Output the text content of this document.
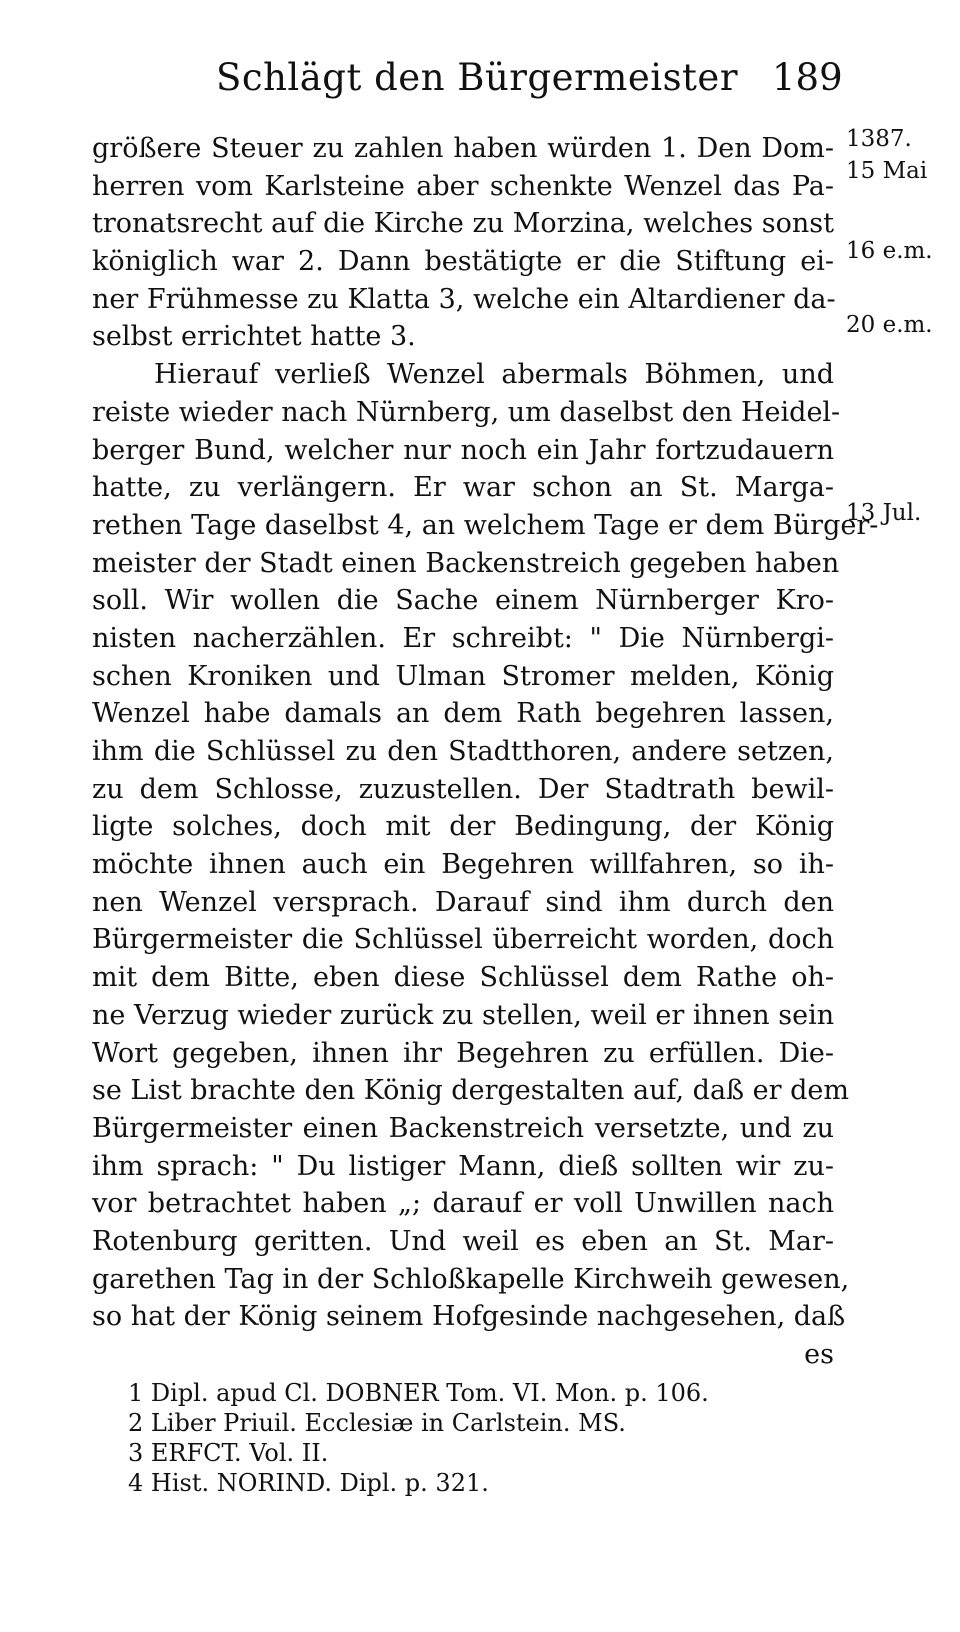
Schlägt den Bürgermeister 189
größere Steuer zu zahlen haben würden 1. Den Dom-
herren vom Karlsteine aber schenkte Wenzel das Pa-
tronatsrecht auf die Kirche zu Morzina, welches sonst
königlich war 2. Dann bestätigte er die Stiftung ei-
ner Frühmesse zu Klatta 3, welche ein Altardiener da-
selbst errichtet hatte 3.
Hierauf verließ Wenzel abermals Böhmen, und
reiste wieder nach Nürnberg, um daselbst den Heidel-
berger Bund, welcher nur noch ein Jahr fortzudauern
hatte, zu verlängern. Er war schon an St. Marga-
rethen Tage daselbst 4, an welchem Tage er dem Bürger-
meister der Stadt einen Backenstreich gegeben haben
soll. Wir wollen die Sache einem Nürnberger Kro-
nisten nacherzählen. Er schreibt: " Die Nürnbergi-
schen Kroniken und Ulman Stromer melden, König
Wenzel habe damals an dem Rath begehren lassen,
ihm die Schlüssel zu den Stadtthoren, andere setzen,
zu dem Schlosse, zuzustellen. Der Stadtrath bewil-
ligte solches, doch mit der Bedingung, der König
möchte ihnen auch ein Begehren willfahren, so ih-
nen Wenzel versprach. Darauf sind ihm durch den
Bürgermeister die Schlüssel überreicht worden, doch
mit dem Bitte, eben diese Schlüssel dem Rathe oh-
ne Verzug wieder zurück zu stellen, weil er ihnen sein
Wort gegeben, ihnen ihr Begehren zu erfüllen. Die-
se List brachte den König dergestalten auf, daß er dem
Bürgermeister einen Backenstreich versetzte, und zu
ihm sprach: " Du listiger Mann, dieß sollten wir zu-
vor betrachtet haben „; darauf er voll Unwillen nach
Rotenburg geritten. Und weil es eben an St. Mar-
garethen Tag in der Schloßkapelle Kirchweih gewesen,
so hat der König seinem Hofgesinde nachgesehen, daß
es
1387.
15 Mai
16 e.m.
20 e.m.
13 Jul.
1 Dipl. apud Cl. DOBNER Tom. VI. Mon. p. 106.
2 Liber Priuil. Ecclesiæ in Carlstein. MS.
3 ERFCT. Vol. II.
4 Hist. NORIND. Dipl. p. 321.
